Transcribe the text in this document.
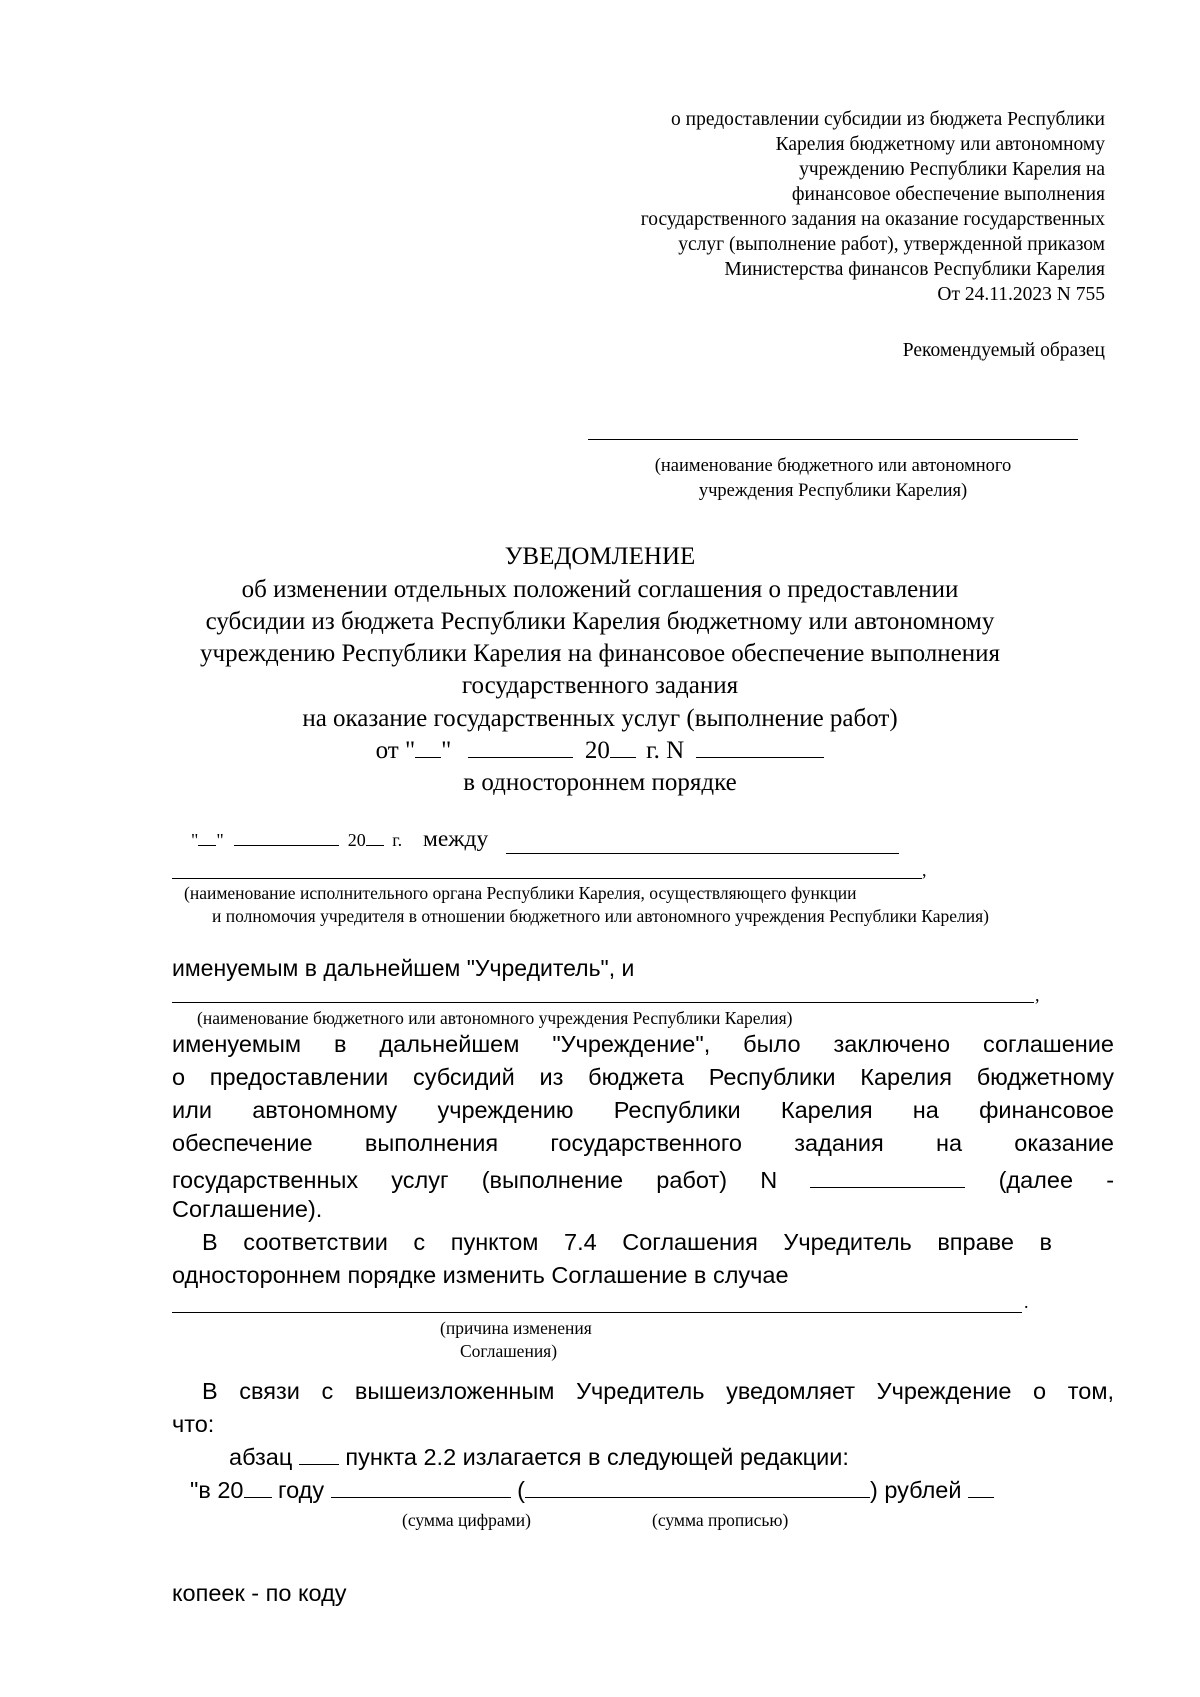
о предоставлении субсидии из бюджета Республики
Карелия бюджетному или автономному
учреждению Республики Карелия на
финансовое обеспечение выполнения
государственного задания на оказание государственных
услуг (выполнение работ), утвержденной приказом
Министерства финансов Республики Карелия
От 24.11.2023 N 755
Рекомендуемый образец
(наименование бюджетного или автономного
учреждения Республики Карелия)
УВЕДОМЛЕНИЕ
об изменении отдельных положений соглашения о предоставлении
субсидии из бюджета Республики Карелия бюджетному или автономному
учреждению Республики Карелия на финансовое обеспечение выполнения
государственного задания
на оказание государственных услуг (выполнение работ)
от " "	20 г. N
в одностороннем порядке
" "	20 г. между
,
(наименование исполнительного органа Республики Карелия, осуществляющего функции
и полномочия учредителя в отношении бюджетного или автономного учреждения Республики Карелия)
именуемым в дальнейшем "Учредитель", и
,
(наименование бюджетного или автономного учреждения Республики Карелия)
именуемым в дальнейшем "Учреждение", было заключено соглашение
о предоставлении субсидий из бюджета Республики Карелия бюджетному
или автономному учреждению Республики Карелия на финансовое
обеспечение выполнения государственного задания на оказание
государственных услуг (выполнение работ) N	(далее -
Соглашение).
В соответствии с пунктом 7.4 Соглашения Учредитель вправе в
одностороннем порядке изменить Соглашение в случае
.
(причина изменения
Соглашения)
В связи с вышеизложенным Учредитель уведомляет Учреждение о том,
что:
абзац пункта 2.2 излагается в следующей редакции:
"в 20 году	(	) рублей
(сумма цифрами)	(сумма прописью)
копеек - по коду
